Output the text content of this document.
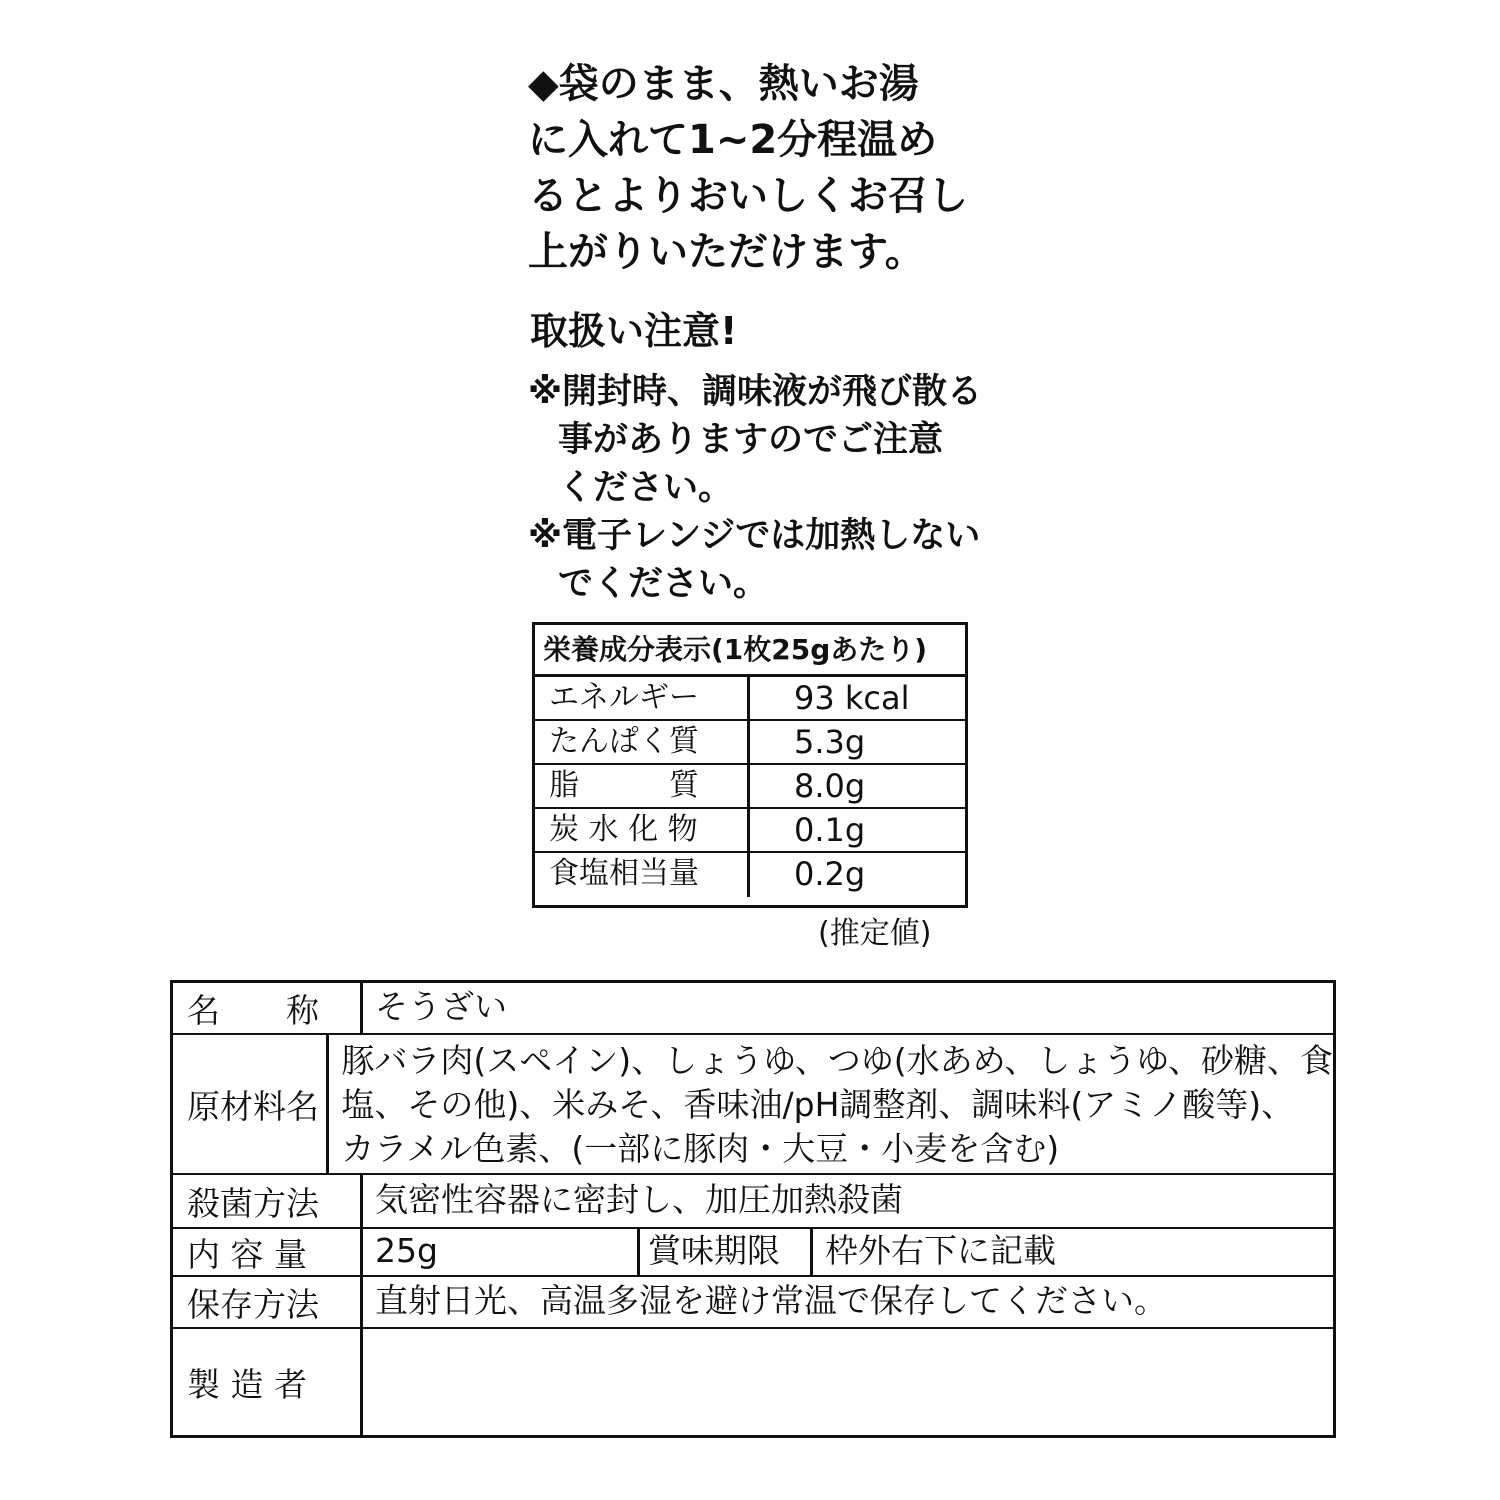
◆袋のまま、熱いお湯
に入れて1~2分程温め
るとよりおいしくお召し
上がりいただけます。
取扱い注意!
※開封時、調味液が飛び散る
事がありますのでご注意
ください。
※電子レンジでは加熱しない
でください。
栄養成分表示(1枚25gあたり)
エネルギー	93 kcal
たんぱく質	5.3g
脂　　　質	8.0g
炭 水 化 物	0.1g
食塩相当量	0.2g
(推定値)
名　　称	そうざい
原材料名
豚バラ肉(スペイン)、しょうゆ、つゆ(水あめ、しょうゆ、砂糖、食
塩、その他)、米みそ、香味油/pH調整剤、調味料(アミノ酸等)、
カラメル色素、(一部に豚肉・大豆・小麦を含む)
殺菌方法	気密性容器に密封し、加圧加熱殺菌
内 容 量	25g	賞味期限	枠外右下に記載
保存方法	直射日光、高温多湿を避け常温で保存してください。
製 造 者
